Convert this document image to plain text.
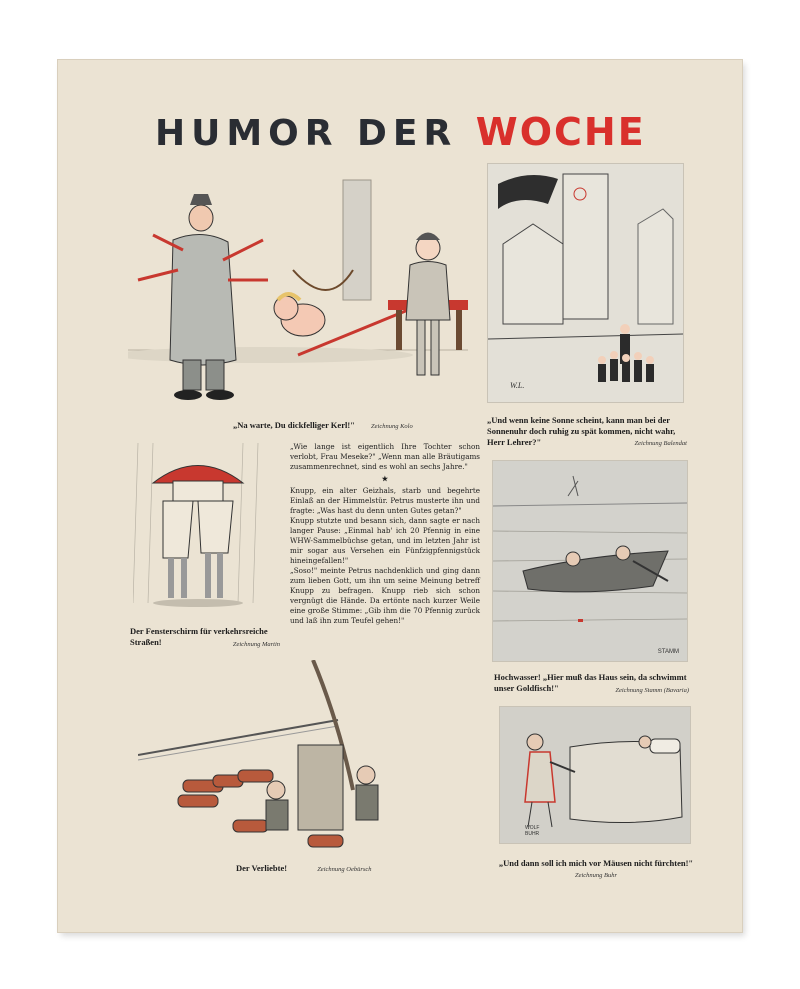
HUMOR DER WOCHE
„Na warte, Du dickfelliger Kerl!" Zeichnung Kolo
W.L.
„Und wenn keine Sonne scheint, kann man bei der Sonnenuhr doch ruhig zu spät kommen, nicht wahr, Herr Lehrer?"	Zeichnung Balendat
Der Fensterschirm für verkehrsreiche Straßen!	Zeichnung Martin

„Wie lange ist eigentlich Ihre Tochter schon verlobt, Frau Meseke?" „Wenn man alle Bräutigams zusammenrechnet, sind es wohl an sechs Jahre."

★

Knupp, ein alter Geizhals, starb und begehrte Einlaß an der Himmelstür. Petrus musterte ihn und fragte: „Was hast du denn unten Gutes getan?"

Knupp stutzte und besann sich, dann sagte er nach langer Pause: „Einmal hab' ich 20 Pfennig in eine WHW-Sammelbüchse getan, und im letzten Jahr ist mir sogar aus Versehen ein Fünfzigpfennigstück hineingefallen!"

„Soso!" meinte Petrus nachdenklich und ging dann zum lieben Gott, um ihn um seine Meinung betreff Knupp zu befragen. Knupp rieb sich schon vergnügt die Hände. Da ertönte nach kurzer Weile eine große Stimme: „Gib ihm die 70 Pfennig zurück und laß ihn zum Teufel gehen!"

STAMM
Hochwasser! „Hier muß das Haus sein, da schwimmt unser Goldfisch!"	Zeichnung Stamm (Bavaria)
Der Verliebte!	Zeichnung Oebürsch
WOLF BUHR
„Und dann soll ich mich vor Mäusen nicht fürchten!"
Zeichnung Buhr
